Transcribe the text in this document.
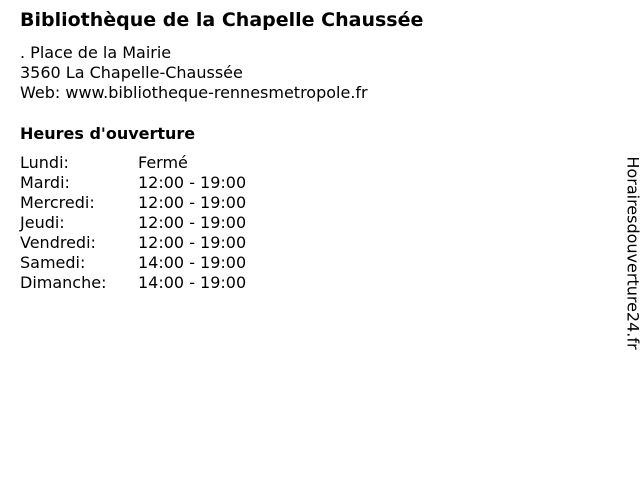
Bibliothèque de la Chapelle Chaussée
. Place de la Mairie
3560 La Chapelle-Chaussée
Web: www.bibliotheque-rennesmetropole.fr
Heures d'ouverture
Lundi:	Fermé
Mardi:	12:00 - 19:00
Mercredi:	12:00 - 19:00
Jeudi:	12:00 - 19:00
Vendredi:	12:00 - 19:00
Samedi:	14:00 - 19:00
Dimanche:	14:00 - 19:00	Horairesdouverture24.fr
